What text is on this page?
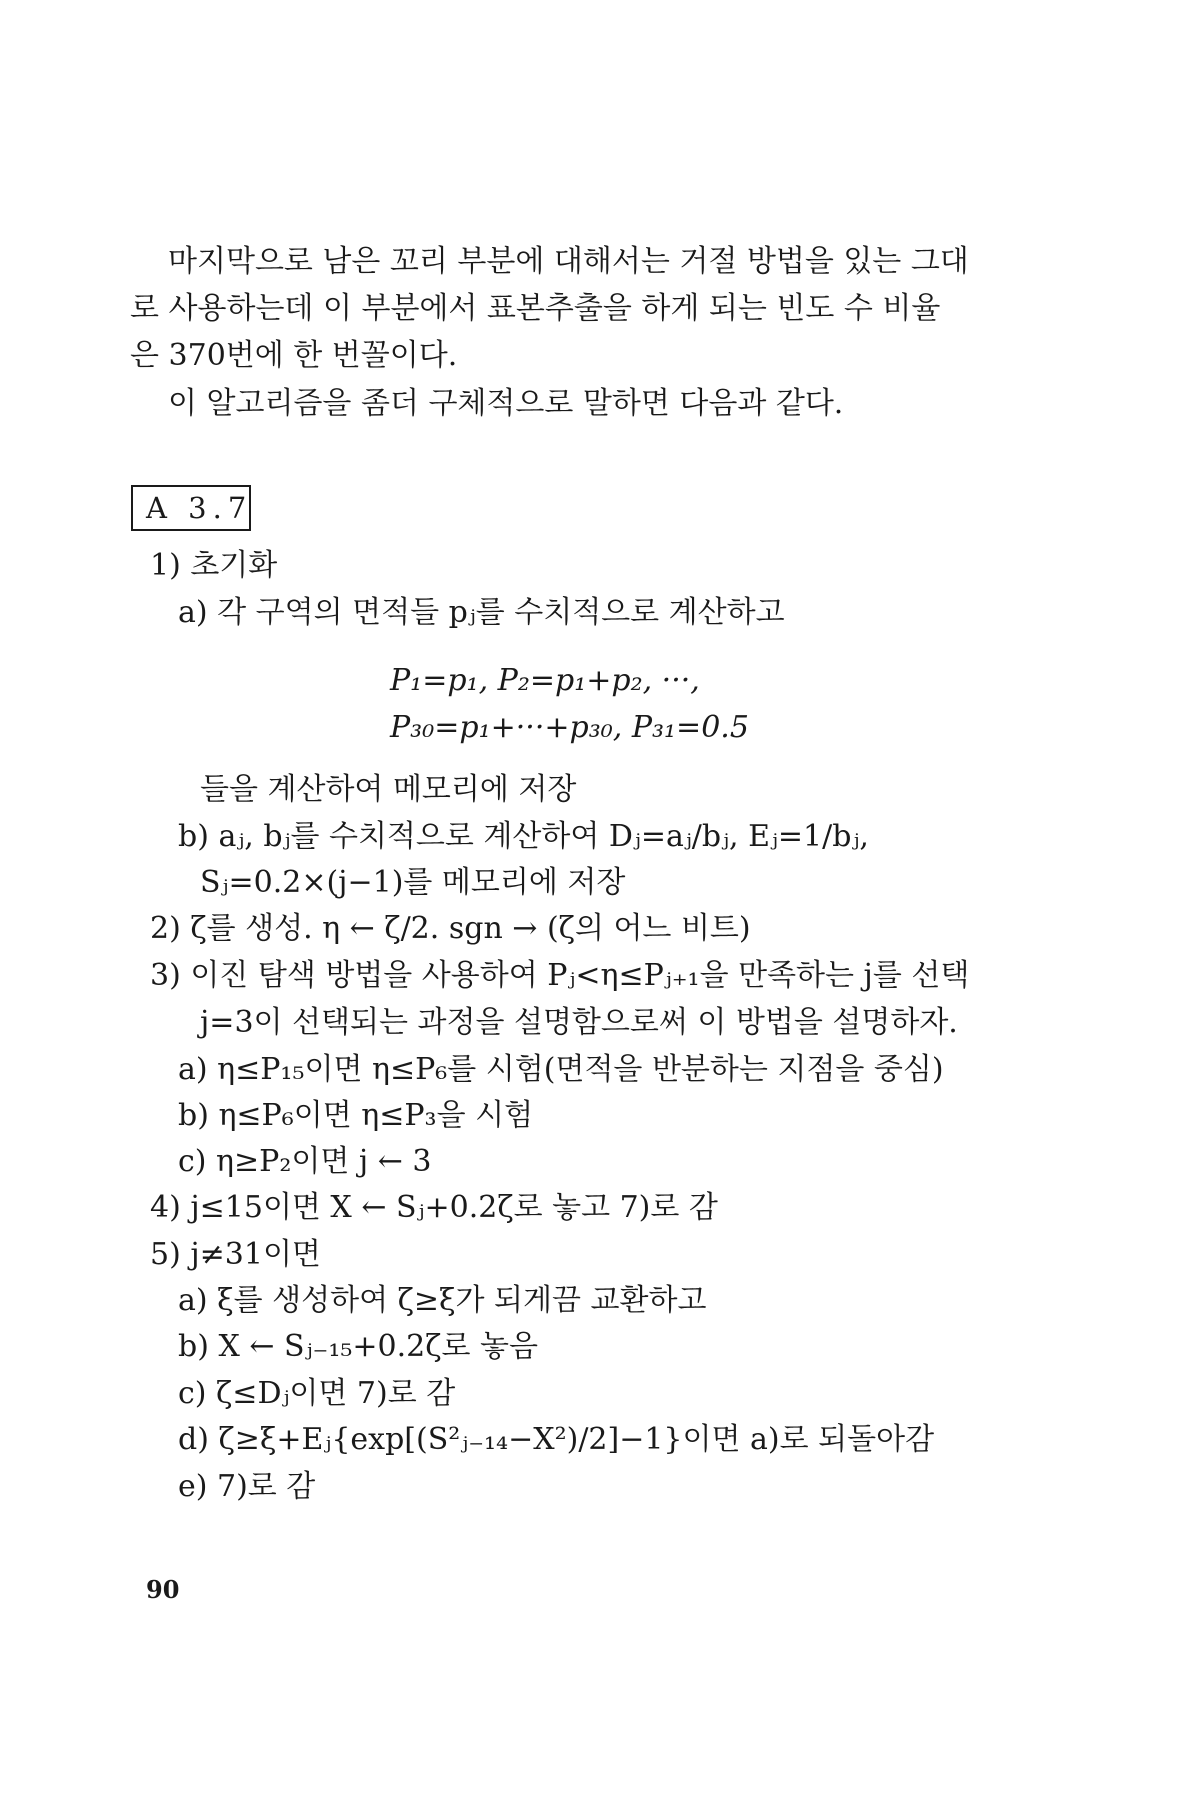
마지막으로 남은 꼬리 부분에 대해서는 거절 방법을 있는 그대
로 사용하는데 이 부분에서 표본추출을 하게 되는 빈도 수 비율
은 370번에 한 번꼴이다.
이 알고리즘을 좀더 구체적으로 말하면 다음과 같다.
A 3.7
1) 초기화
a) 각 구역의 면적들 pⱼ를 수치적으로 계산하고
P₁=p₁, P₂=p₁+p₂, ···,
P₃₀=p₁+···+p₃₀, P₃₁=0.5
들을 계산하여 메모리에 저장
b) aⱼ, bⱼ를 수치적으로 계산하여 Dⱼ=aⱼ/bⱼ, Eⱼ=1/bⱼ,
Sⱼ=0.2×(j−1)를 메모리에 저장
2) ζ를 생성. η ← ζ/2. sgn → (ζ의 어느 비트)
3) 이진 탐색 방법을 사용하여 Pⱼ<η≤Pⱼ₊₁을 만족하는 j를 선택
j=3이 선택되는 과정을 설명함으로써 이 방법을 설명하자.
a) η≤P₁₅이면 η≤P₆를 시험(면적을 반분하는 지점을 중심)
b) η≤P₆이면 η≤P₃을 시험
c) η≥P₂이면 j ← 3
4) j≤15이면 X ← Sⱼ+0.2ζ로 놓고 7)로 감
5) j≠31이면
a) ξ를 생성하여 ζ≥ξ가 되게끔 교환하고
b) X ← Sⱼ₋₁₅+0.2ζ로 놓음
c) ζ≤Dⱼ이면 7)로 감
d) ζ≥ξ+Eⱼ{exp[(S²ⱼ₋₁₄−X²)/2]−1}이면 a)로 되돌아감
e) 7)로 감
90
